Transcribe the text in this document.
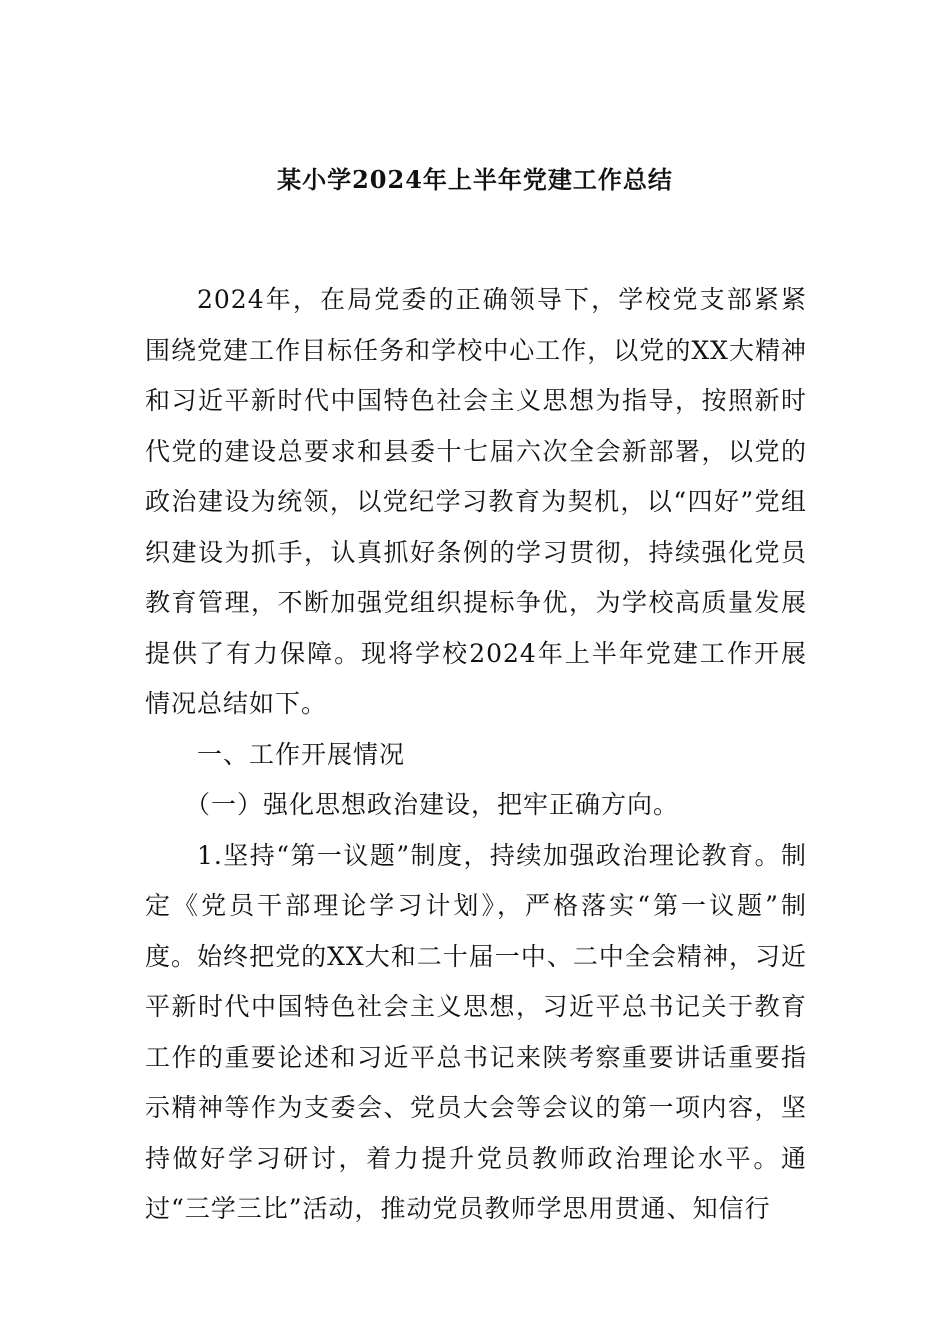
某小学2024年上半年党建工作总结

2024年，在局党委的正确领导下，学校党支部紧紧围绕党建工作目标任务和学校中心工作，以党的XX大精神和习近平新时代中国特色社会主义思想为指导，按照新时代党的建设总要求和县委十七届六次全会新部署，以党的政治建设为统领，以党纪学习教育为契机，以“四好”党组织建设为抓手，认真抓好条例的学习贯彻，持续强化党员教育管理，不断加强党组织提标争优，为学校高质量发展提供了有力保障。现将学校2024年上半年党建工作开展情况总结如下。

一、工作开展情况

（一）强化思想政治建设，把牢正确方向。

1.坚持“第一议题”制度，持续加强政治理论教育。制定《党员干部理论学习计划》，严格落实“第一议题”制度。始终把党的XX大和二十届一中、二中全会精神，习近平新时代中国特色社会主义思想，习近平总书记关于教育工作的重要论述和习近平总书记来陕考察重要讲话重要指示精神等作为支委会、党员大会等会议的第一项内容，坚持做好学习研讨，着力提升党员教师政治理论水平。通过“三学三比”活动，推动党员教师学思用贯通、知信行
